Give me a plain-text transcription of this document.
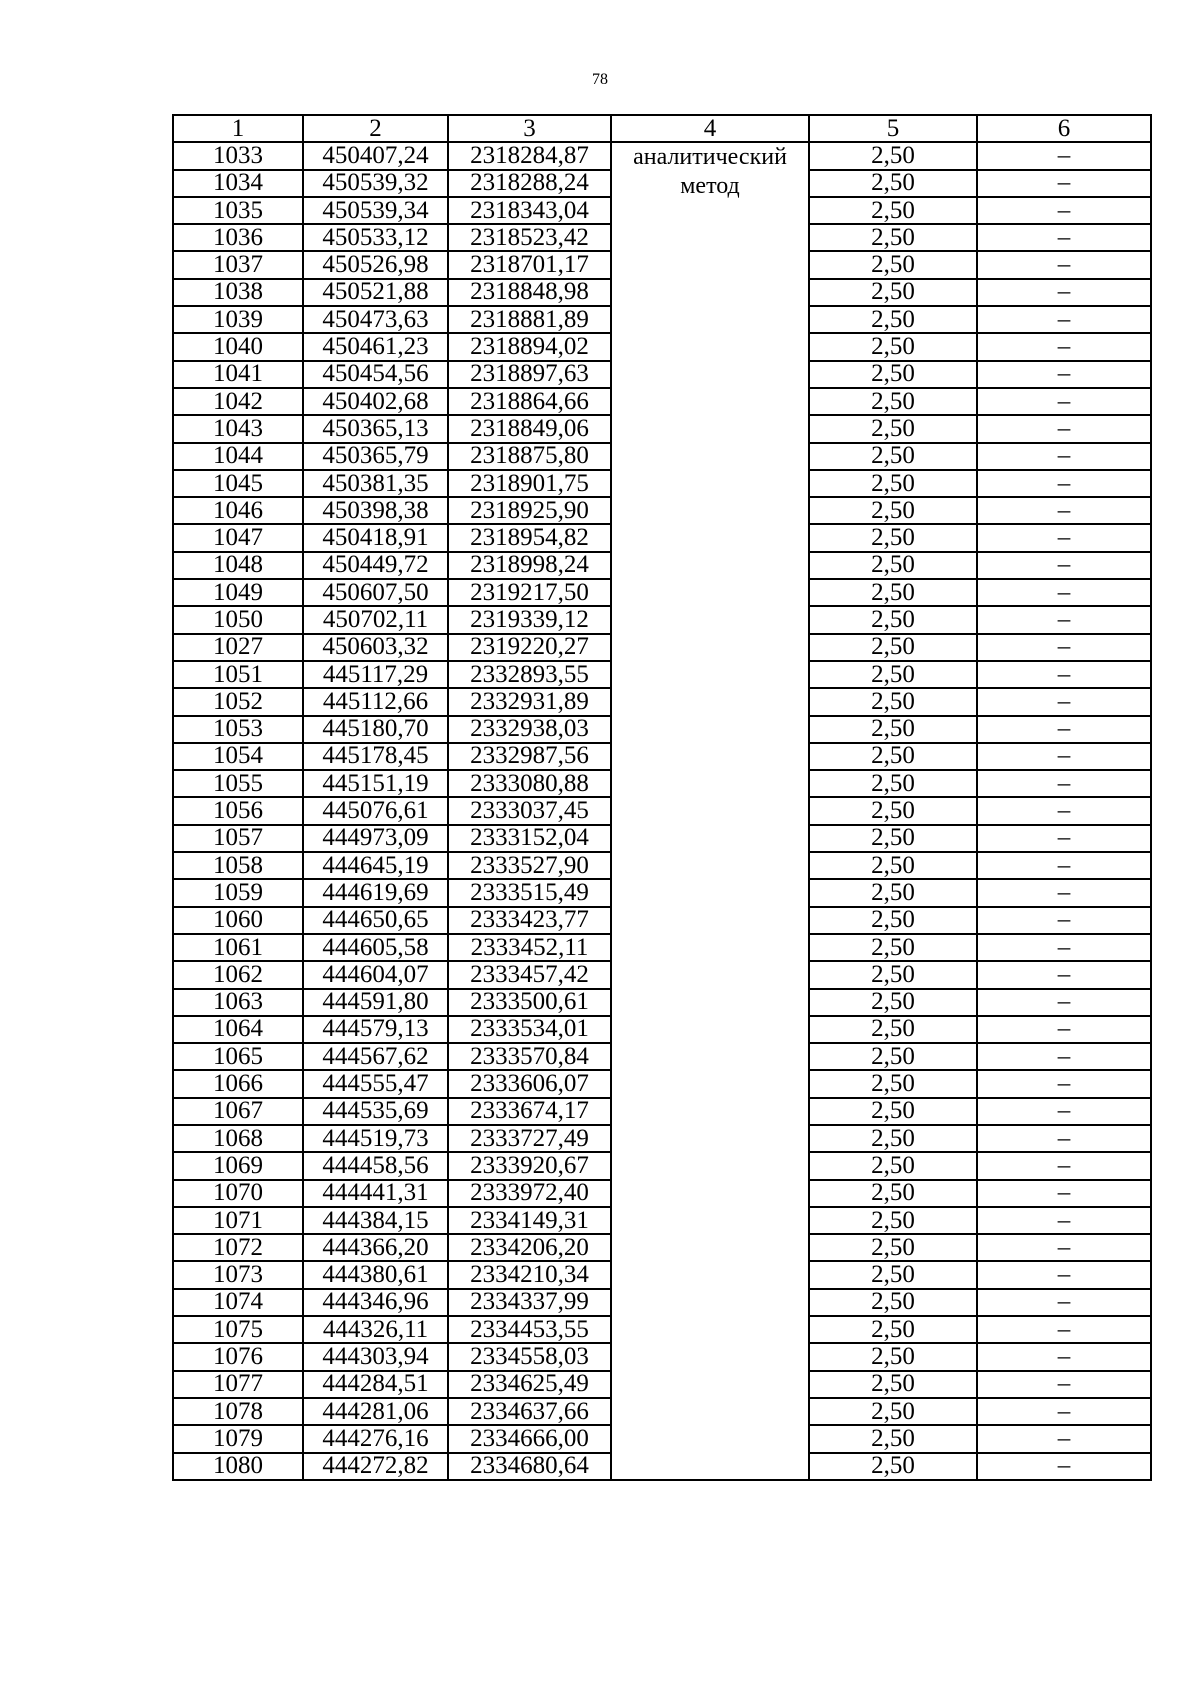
78
1	2	3	4	5	6
1033	450407,24	2318284,87	аналитический метод	2,50	–
1034	450539,32	2318288,24		2,50	–
1035	450539,34	2318343,04		2,50	–
1036	450533,12	2318523,42		2,50	–
1037	450526,98	2318701,17		2,50	–
1038	450521,88	2318848,98		2,50	–
1039	450473,63	2318881,89		2,50	–
1040	450461,23	2318894,02		2,50	–
1041	450454,56	2318897,63		2,50	–
1042	450402,68	2318864,66		2,50	–
1043	450365,13	2318849,06		2,50	–
1044	450365,79	2318875,80		2,50	–
1045	450381,35	2318901,75		2,50	–
1046	450398,38	2318925,90		2,50	–
1047	450418,91	2318954,82		2,50	–
1048	450449,72	2318998,24		2,50	–
1049	450607,50	2319217,50		2,50	–
1050	450702,11	2319339,12		2,50	–
1027	450603,32	2319220,27		2,50	–
1051	445117,29	2332893,55		2,50	–
1052	445112,66	2332931,89		2,50	–
1053	445180,70	2332938,03		2,50	–
1054	445178,45	2332987,56		2,50	–
1055	445151,19	2333080,88		2,50	–
1056	445076,61	2333037,45		2,50	–
1057	444973,09	2333152,04		2,50	–
1058	444645,19	2333527,90		2,50	–
1059	444619,69	2333515,49		2,50	–
1060	444650,65	2333423,77		2,50	–
1061	444605,58	2333452,11		2,50	–
1062	444604,07	2333457,42		2,50	–
1063	444591,80	2333500,61		2,50	–
1064	444579,13	2333534,01		2,50	–
1065	444567,62	2333570,84		2,50	–
1066	444555,47	2333606,07		2,50	–
1067	444535,69	2333674,17		2,50	–
1068	444519,73	2333727,49		2,50	–
1069	444458,56	2333920,67		2,50	–
1070	444441,31	2333972,40		2,50	–
1071	444384,15	2334149,31		2,50	–
1072	444366,20	2334206,20		2,50	–
1073	444380,61	2334210,34		2,50	–
1074	444346,96	2334337,99		2,50	–
1075	444326,11	2334453,55		2,50	–
1076	444303,94	2334558,03		2,50	–
1077	444284,51	2334625,49		2,50	–
1078	444281,06	2334637,66		2,50	–
1079	444276,16	2334666,00		2,50	–
1080	444272,82	2334680,64		2,50	–
